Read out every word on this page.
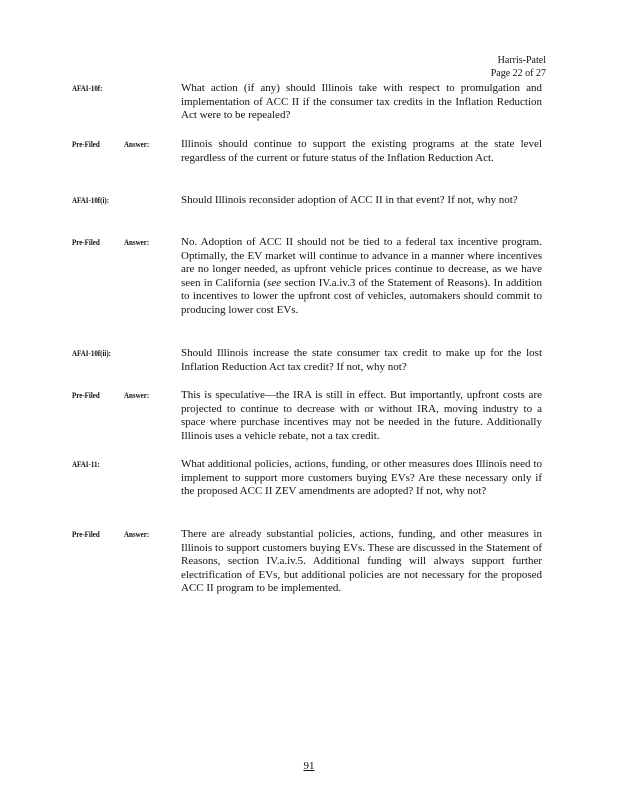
Harris-Patel
Page 22 of 27
AFAI-10f:	What action (if any) should Illinois take with respect to promulgation and implementation of ACC II if the consumer tax credits in the Inflation Reduction Act were to be repealed?
Pre-Filed	Answer:	Illinois should continue to support the existing programs at the state level regardless of the current or future status of the Inflation Reduction Act.
AFAI-10f(i):	Should Illinois reconsider adoption of ACC II in that event? If not, why not?
Pre-Filed	Answer:	No. Adoption of ACC II should not be tied to a federal tax incentive program. Optimally, the EV market will continue to advance in a manner where incentives are no longer needed, as upfront vehicle prices continue to decrease, as we have seen in California (see section IV.a.iv.3 of the Statement of Reasons). In addition to incentives to lower the upfront cost of vehicles, automakers should commit to producing lower cost EVs.
AFAI-10f(ii):	Should Illinois increase the state consumer tax credit to make up for the lost Inflation Reduction Act tax credit? If not, why not?
Pre-Filed	Answer:	This is speculative—the IRA is still in effect. But importantly, upfront costs are projected to continue to decrease with or without IRA, moving industry to a space where purchase incentives may not be needed in the future. Additionally Illinois uses a vehicle rebate, not a tax credit.
AFAI-11:	What additional policies, actions, funding, or other measures does Illinois need to implement to support more customers buying EVs? Are these necessary only if the proposed ACC II ZEV amendments are adopted? If not, why not?
Pre-Filed	Answer:	There are already substantial policies, actions, funding, and other measures in Illinois to support customers buying EVs. These are discussed in the Statement of Reasons, section IV.a.iv.5. Additional funding will always support further electrification of EVs, but additional policies are not necessary for the proposed ACC II program to be implemented.
91
